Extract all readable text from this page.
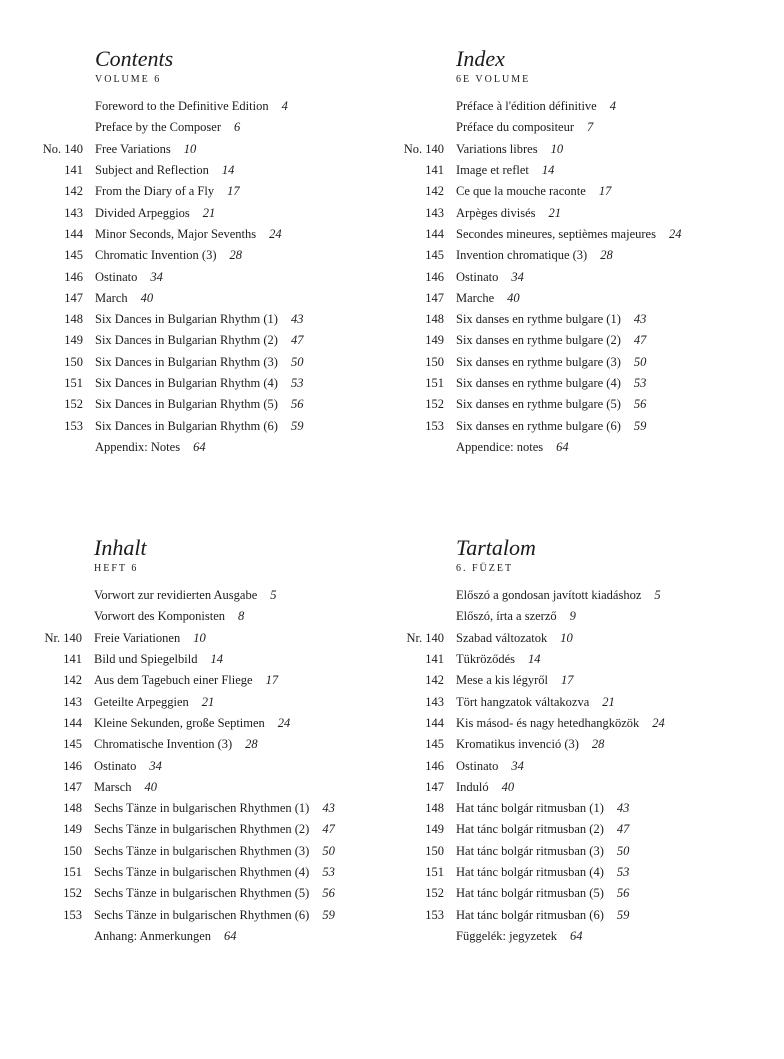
Contents
VOLUME 6
Foreword to the Definitive Edition 4
Preface by the Composer 6
No. 140 Free Variations 10
141 Subject and Reflection 14
142 From the Diary of a Fly 17
143 Divided Arpeggios 21
144 Minor Seconds, Major Sevenths 24
145 Chromatic Invention (3) 28
146 Ostinato 34
147 March 40
148 Six Dances in Bulgarian Rhythm (1) 43
149 Six Dances in Bulgarian Rhythm (2) 47
150 Six Dances in Bulgarian Rhythm (3) 50
151 Six Dances in Bulgarian Rhythm (4) 53
152 Six Dances in Bulgarian Rhythm (5) 56
153 Six Dances in Bulgarian Rhythm (6) 59
Appendix: Notes 64
Index
6E VOLUME
Préface à l'édition définitive 4
Préface du compositeur 7
No. 140 Variations libres 10
141 Image et reflet 14
142 Ce que la mouche raconte 17
143 Arpèges divisés 21
144 Secondes mineures, septièmes majeures 24
145 Invention chromatique (3) 28
146 Ostinato 34
147 Marche 40
148 Six danses en rythme bulgare (1) 43
149 Six danses en rythme bulgare (2) 47
150 Six danses en rythme bulgare (3) 50
151 Six danses en rythme bulgare (4) 53
152 Six danses en rythme bulgare (5) 56
153 Six danses en rythme bulgare (6) 59
Appendice: notes 64
Inhalt
HEFT 6
Vorwort zur revidierten Ausgabe 5
Vorwort des Komponisten 8
Nr. 140 Freie Variationen 10
141 Bild und Spiegelbild 14
142 Aus dem Tagebuch einer Fliege 17
143 Geteilte Arpeggien 21
144 Kleine Sekunden, große Septimen 24
145 Chromatische Invention (3) 28
146 Ostinato 34
147 Marsch 40
148 Sechs Tänze in bulgarischen Rhythmen (1) 43
149 Sechs Tänze in bulgarischen Rhythmen (2) 47
150 Sechs Tänze in bulgarischen Rhythmen (3) 50
151 Sechs Tänze in bulgarischen Rhythmen (4) 53
152 Sechs Tänze in bulgarischen Rhythmen (5) 56
153 Sechs Tänze in bulgarischen Rhythmen (6) 59
Anhang: Anmerkungen 64
Tartalom
6. FÜZET
Előszó a gondosan javított kiadáshoz 5
Előszó, írta a szerző 9
Nr. 140 Szabad változatok 10
141 Tükröződés 14
142 Mese a kis légyről 17
143 Tört hangzatok váltakozva 21
144 Kis másod- és nagy hetedhangközök 24
145 Kromatikus invenció (3) 28
146 Ostinato 34
147 Induló 40
148 Hat tánc bolgár ritmusban (1) 43
149 Hat tánc bolgár ritmusban (2) 47
150 Hat tánc bolgár ritmusban (3) 50
151 Hat tánc bolgár ritmusban (4) 53
152 Hat tánc bolgár ritmusban (5) 56
153 Hat tánc bolgár ritmusban (6) 59
Függelék: jegyzetek 64
